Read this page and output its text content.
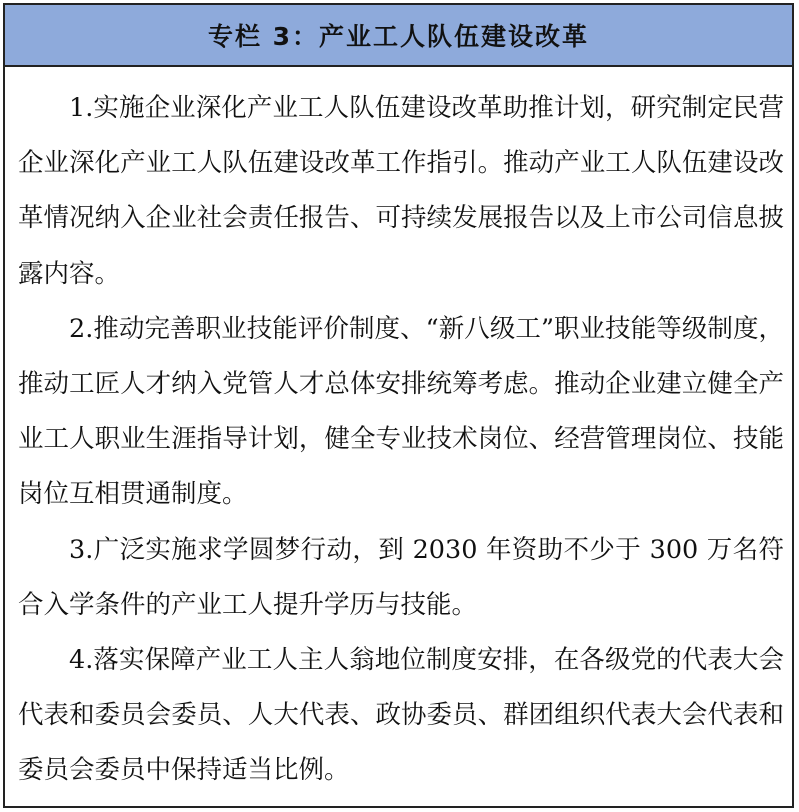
专栏 3：产业工人队伍建设改革

1.实施企业深化产业工人队伍建设改革助推计划，研究制定民营企业深化产业工人队伍建设改革工作指引。推动产业工人队伍建设改革情况纳入企业社会责任报告、可持续发展报告以及上市公司信息披露内容。

2.推动完善职业技能评价制度、“新八级工”职业技能等级制度，推动工匠人才纳入党管人才总体安排统筹考虑。推动企业建立健全产业工人职业生涯指导计划，健全专业技术岗位、经营管理岗位、技能岗位互相贯通制度。

3.广泛实施求学圆梦行动，到 2030 年资助不少于 300 万名符合入学条件的产业工人提升学历与技能。

4.落实保障产业工人主人翁地位制度安排，在各级党的代表大会代表和委员会委员、人大代表、政协委员、群团组织代表大会代表和委员会委员中保持适当比例。
